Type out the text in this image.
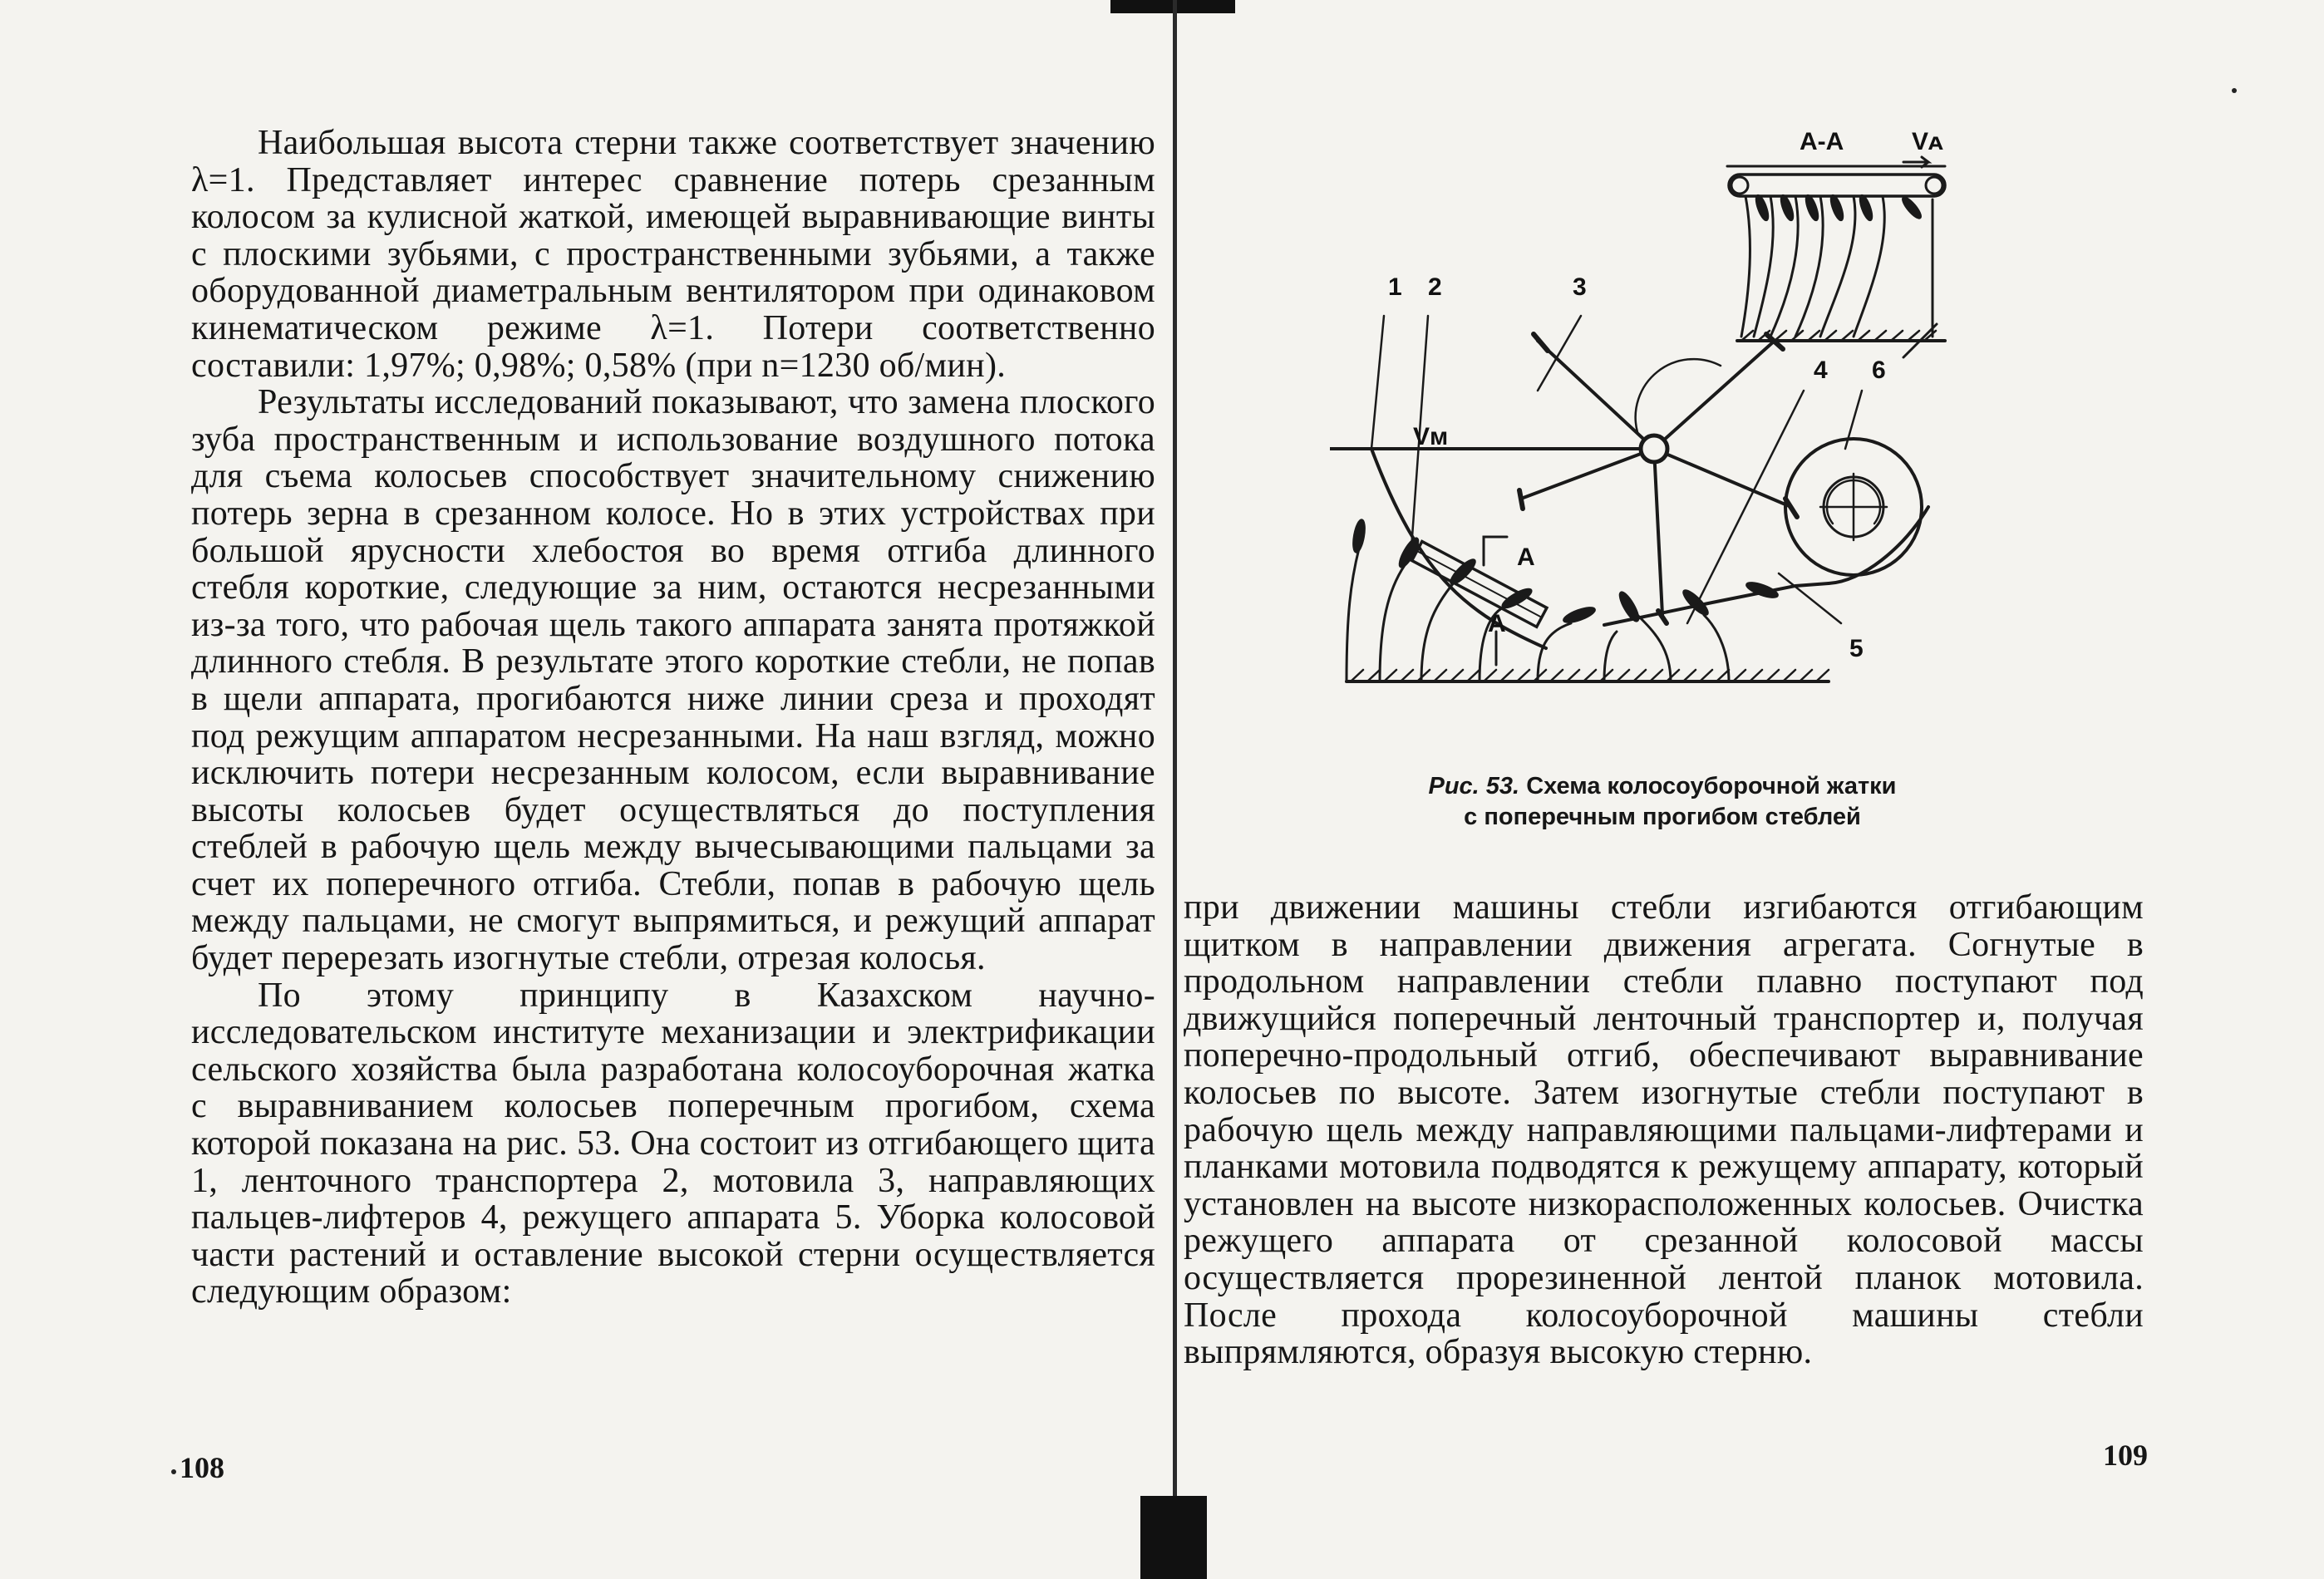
Наибольшая высота стерни также соответствует значению λ=1. Представляет интерес сравнение потерь срезанным колосом за кулисной жаткой, имеющей выравнивающие винты с плоскими зубьями, с пространственными зубьями, а также оборудованной диаметральным вентилятором при одинаковом кинематическом режиме λ=1. Потери соответственно составили: 1,97%; 0,98%; 0,58% (при n=1230 об/мин).

Результаты исследований показывают, что замена плоского зуба пространственным и использование воздушного потока для съема колосьев способствует значительному снижению потерь зерна в срезанном колосе. Но в этих устройствах при большой ярусности хлебостоя во время отгиба длинного стебля короткие, следующие за ним, остаются несрезанными из-за того, что рабочая щель такого аппарата занята протяжкой длинного стебля. В результате этого короткие стебли, не попав в щели аппарата, прогибаются ниже линии среза и проходят под режущим аппаратом несрезанными. На наш взгляд, можно исключить потери несрезанным колосом, если выравнивание высоты колосьев будет осуществляться до поступления стеблей в рабочую щель между вычесывающими пальцами за счет их поперечного отгиба. Стебли, попав в рабочую щель между пальцами, не смогут выпрямиться, и режущий аппарат будет перерезать изогнутые стебли, отрезая колосья.

По этому принципу в Казахском научно-исследовательском институте механизации и электрификации сельского хозяйства была разработана колосоуборочная жатка с выравниванием колосьев поперечным прогибом, схема которой показана на рис. 53. Она состоит из отгибающего щита 1, ленточного транспортера 2, мотовила 3, направляющих пальцев-лифтеров 4, режущего аппарата 5. Уборка колосовой части растений и оставление высокой стерни осуществляется следующим образом:

108
А-А	Vᴀ
1 2	3
4 6
Vм
A
A
5
Рис. 53. Схема колосоуборочной жатки
с поперечным прогибом стеблей

при движении машины стебли изгибаются отгибающим щитком в направлении движения агрегата. Согнутые в продольном направлении стебли плавно поступают под движущийся поперечный ленточный транспортер и, получая поперечно-продольный отгиб, обеспечивают выравнивание колосьев по высоте. Затем изогнутые стебли поступают в рабочую щель между направляющими пальцами-лифтерами и планками мотовила подводятся к режущему аппарату, который установлен на высоте низкорасположенных колосьев. Очистка режущего аппарата от срезанной колосовой массы осуществляется прорезиненной лентой планок мотовила. После прохода колосоуборочной машины стебли выпрямляются, образуя высокую стерню.

109
